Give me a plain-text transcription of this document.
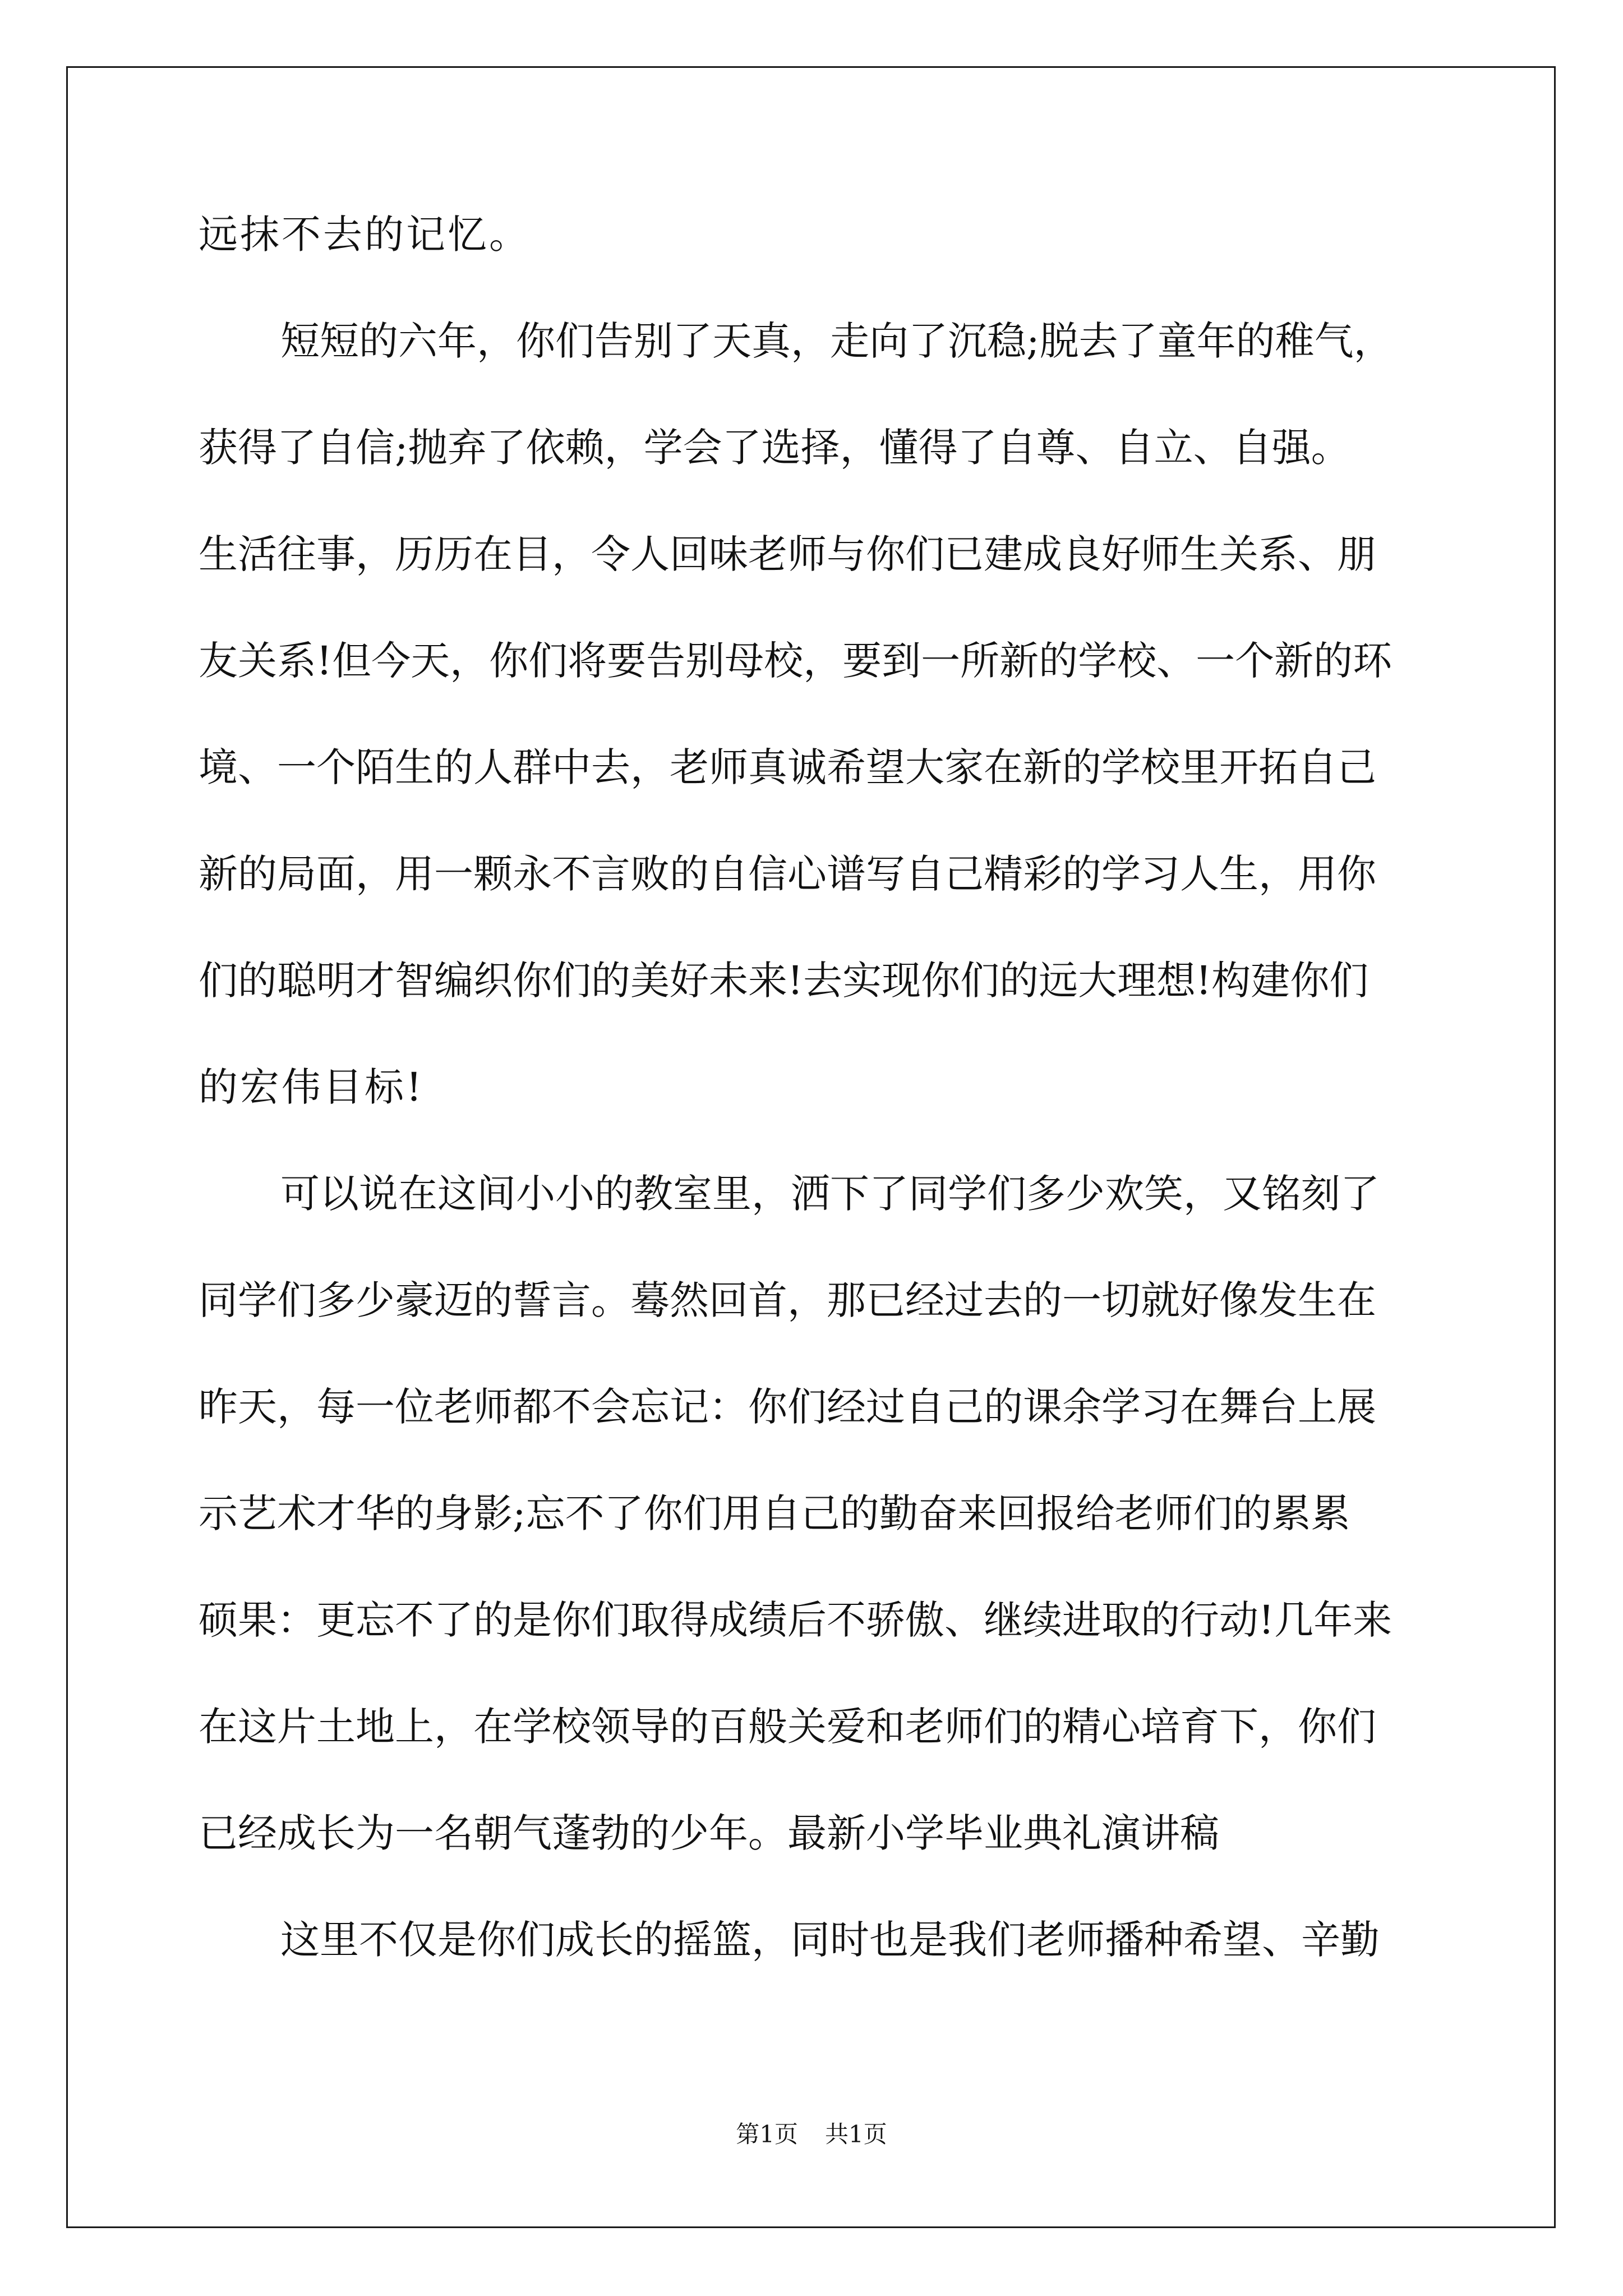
远抹不去的记忆。
短短的六年，你们告别了天真，走向了沉稳;脱去了童年的稚气，
获得了自信;抛弃了依赖，学会了选择，懂得了自尊、自立、自强。
生活往事，历历在目，令人回味老师与你们已建成良好师生关系、朋
友关系!但今天，你们将要告别母校，要到一所新的学校、一个新的环
境、一个陌生的人群中去，老师真诚希望大家在新的学校里开拓自己
新的局面，用一颗永不言败的自信心谱写自己精彩的学习人生，用你
们的聪明才智编织你们的美好未来!去实现你们的远大理想!构建你们
的宏伟目标!
可以说在这间小小的教室里，洒下了同学们多少欢笑，又铭刻了
同学们多少豪迈的誓言。蓦然回首，那已经过去的一切就好像发生在
昨天，每一位老师都不会忘记：你们经过自己的课余学习在舞台上展
示艺术才华的身影;忘不了你们用自己的勤奋来回报给老师们的累累
硕果：更忘不了的是你们取得成绩后不骄傲、继续进取的行动!几年来
在这片土地上，在学校领导的百般关爱和老师们的精心培育下，你们
已经成长为一名朝气蓬勃的少年。最新小学毕业典礼演讲稿
这里不仅是你们成长的摇篮，同时也是我们老师播种希望、辛勤
第1页 共1页
